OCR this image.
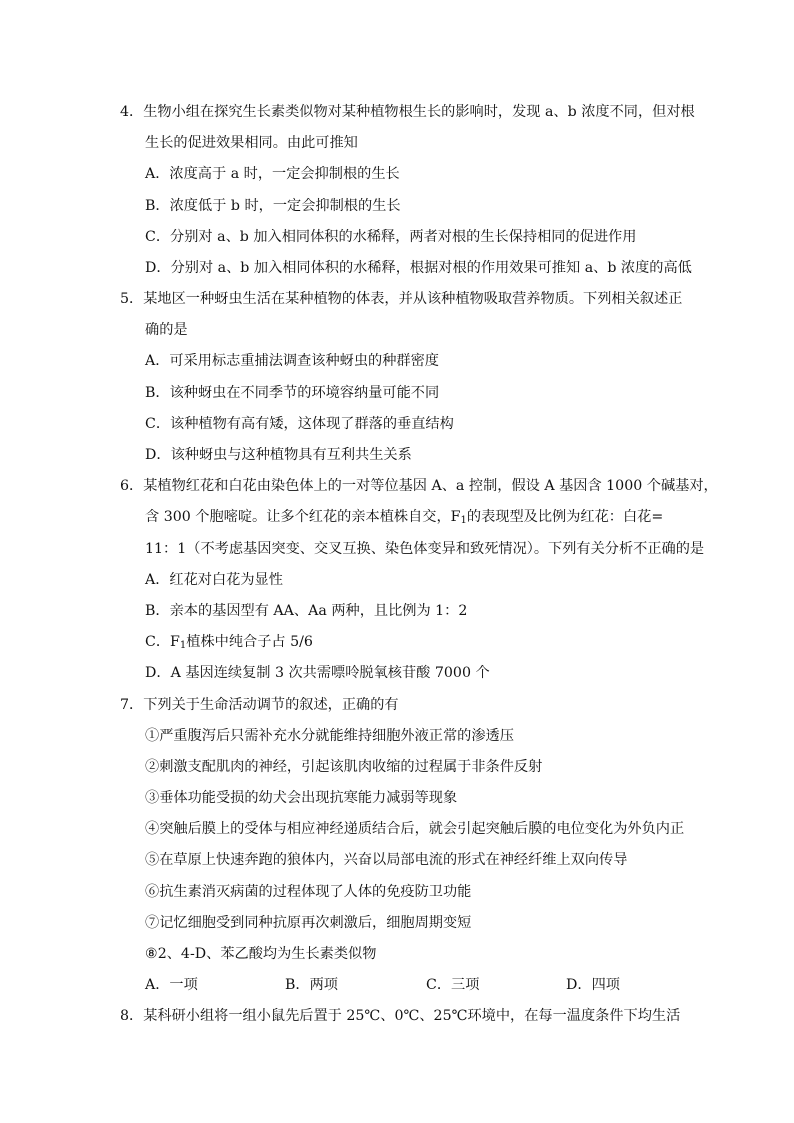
4．生物小组在探究生长素类似物对某种植物根生长的影响时，发现 a、b 浓度不同，但对根
生长的促进效果相同。由此可推知
A．浓度高于 a 时，一定会抑制根的生长
B．浓度低于 b 时，一定会抑制根的生长
C．分别对 a、b 加入相同体积的水稀释，两者对根的生长保持相同的促进作用
D．分别对 a、b 加入相同体积的水稀释，根据对根的作用效果可推知 a、b 浓度的高低
5．某地区一种蚜虫生活在某种植物的体表，并从该种植物吸取营养物质。下列相关叙述正
确的是
A．可采用标志重捕法调查该种蚜虫的种群密度
B．该种蚜虫在不同季节的环境容纳量可能不同
C．该种植物有高有矮，这体现了群落的垂直结构
D．该种蚜虫与这种植物具有互利共生关系
6．某植物红花和白花由染色体上的一对等位基因 A、a 控制，假设 A 基因含 1000 个碱基对，
含 300 个胞嘧啶。让多个红花的亲本植株自交，$F_1$的表现型及比例为红花：白花=
11：1（不考虑基因突变、交叉互换、染色体变异和致死情况）。下列有关分析不正确的是
A．红花对白花为显性
B．亲本的基因型有 AA、Aa 两种，且比例为 1：2
C．$F_1$植株中纯合子占 5/6
D．A 基因连续复制 3 次共需嘌呤脱氧核苷酸 7000 个
7．下列关于生命活动调节的叙述，正确的有
①严重腹泻后只需补充水分就能维持细胞外液正常的渗透压
②刺激支配肌肉的神经，引起该肌肉收缩的过程属于非条件反射
③垂体功能受损的幼犬会出现抗寒能力减弱等现象
④突触后膜上的受体与相应神经递质结合后，就会引起突触后膜的电位变化为外负内正
⑤在草原上快速奔跑的狼体内，兴奋以局部电流的形式在神经纤维上双向传导
⑥抗生素消灭病菌的过程体现了人体的免疫防卫功能
⑦记忆细胞受到同种抗原再次刺激后，细胞周期变短
⑧2、4-D、苯乙酸均为生长素类似物
A．一项	B．两项	C．三项	D．四项
8．某科研小组将一组小鼠先后置于 25℃、0℃、25℃环境中，在每一温度条件下均生活
